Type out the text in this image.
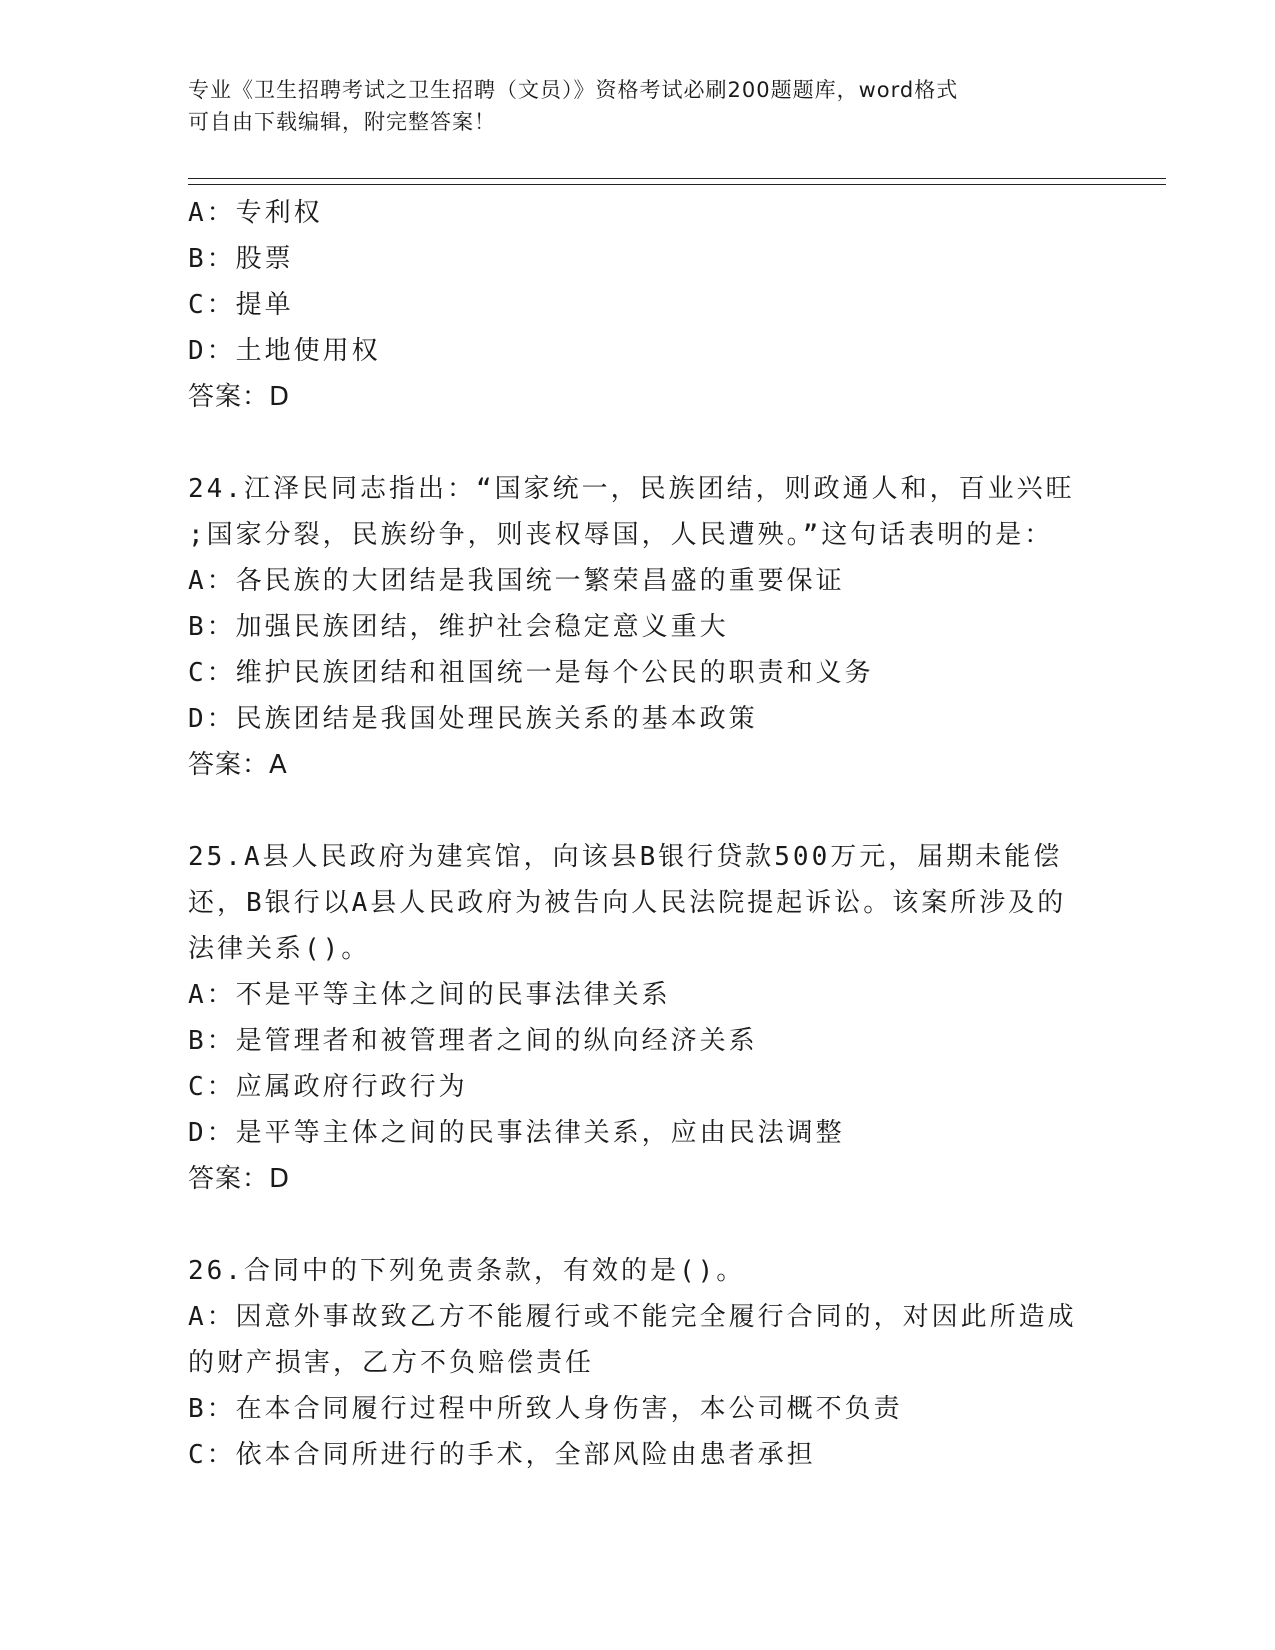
专业《卫生招聘考试之卫生招聘（文员）》资格考试必刷200题题库，word格式
可自由下载编辑，附完整答案！
A：专利权
B：股票
C：提单
D：土地使用权
答案：D
24.江泽民同志指出：“国家统一，民族团结，则政通人和，百业兴旺
;国家分裂，民族纷争，则丧权辱国，人民遭殃。”这句话表明的是：
A：各民族的大团结是我国统一繁荣昌盛的重要保证
B：加强民族团结，维护社会稳定意义重大
C：维护民族团结和祖国统一是每个公民的职责和义务
D：民族团结是我国处理民族关系的基本政策
答案：A
25.A县人民政府为建宾馆，向该县B银行贷款500万元，届期未能偿
还，B银行以A县人民政府为被告向人民法院提起诉讼。该案所涉及的
法律关系()。
A：不是平等主体之间的民事法律关系
B：是管理者和被管理者之间的纵向经济关系
C：应属政府行政行为
D：是平等主体之间的民事法律关系，应由民法调整
答案：D
26.合同中的下列免责条款，有效的是()。
A：因意外事故致乙方不能履行或不能完全履行合同的，对因此所造成
的财产损害，乙方不负赔偿责任
B：在本合同履行过程中所致人身伤害，本公司概不负责
C：依本合同所进行的手术，全部风险由患者承担
